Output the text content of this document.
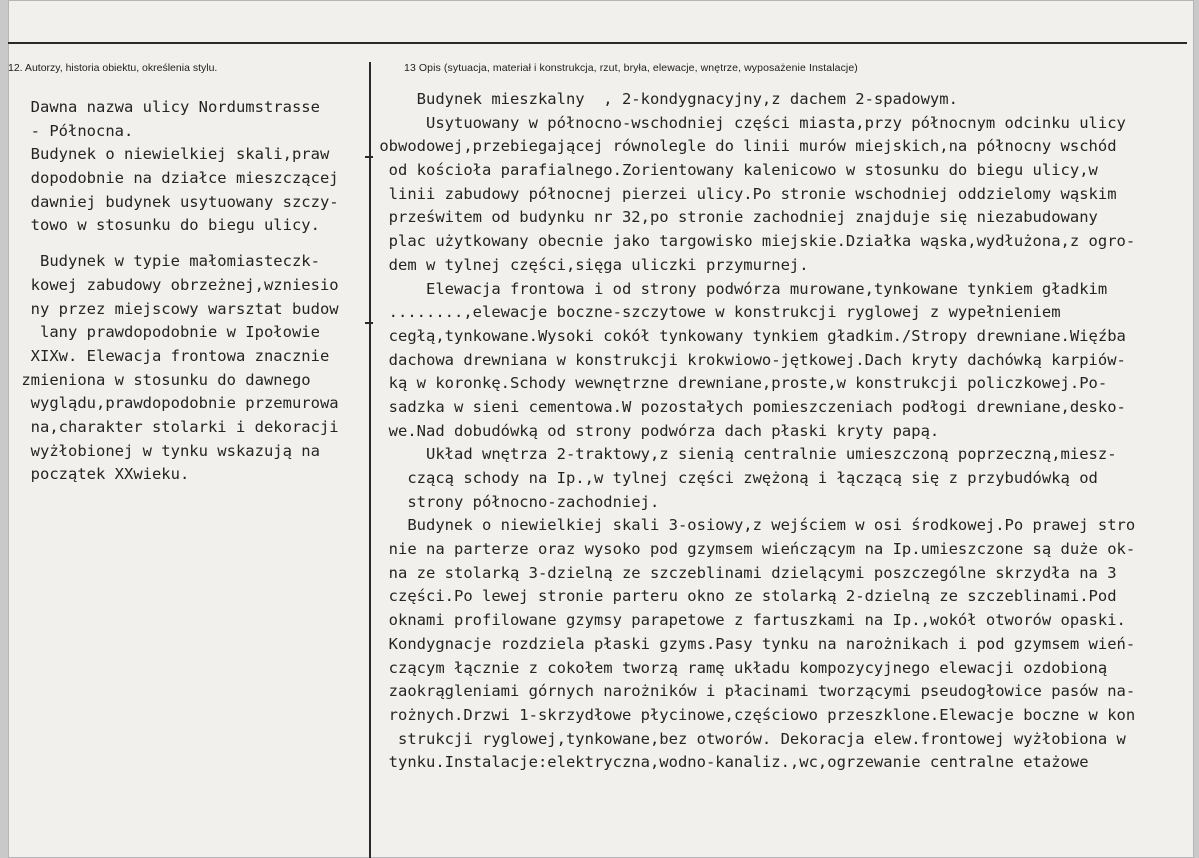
12. Autorzy, historia obiektu, określenia stylu.	13 Opis (sytuacja, materiał i konstrukcja, rzut, bryła, elewacje, wnętrze, wyposażenie Instalacje)
Dawna nazwa ulicy Nordumstrasse
- Północna.
Budynek o niewielkiej skali,praw
dopodobnie na działce mieszczącej
dawniej budynek usytuowany szczy-
towo w stosunku do biegu ulicy.
Budynek w typie małomiasteczk-
kowej zabudowy obrzeżnej,wzniesio
ny przez miejscowy warsztat budow
lany prawdopodobnie w Ipołowie
XIXw. Elewacja frontowa znacznie
zmieniona w stosunku do dawnego
wyglądu,prawdopodobnie przemurowa
na,charakter stolarki i dekoracji
wyżłobionej w tynku wskazują na
początek XXwieku.
Budynek mieszkalny  , 2-kondygnacyjny,z dachem 2-spadowym.
Usytuowany w północno-wschodniej części miasta,przy północnym odcinku ulicy
obwodowej,przebiegającej równolegle do linii murów miejskich,na północny wschód
od kościoła parafialnego.Zorientowany kalenicowo w stosunku do biegu ulicy,w
linii zabudowy północnej pierzei ulicy.Po stronie wschodniej oddzielomy wąskim
prześwitem od budynku nr 32,po stronie zachodniej znajduje się niezabudowany
plac użytkowany obecnie jako targowisko miejskie.Działka wąska,wydłużona,z ogro-
dem w tylnej części,sięga uliczki przymurnej.
Elewacja frontowa i od strony podwórza murowane,tynkowane tynkiem gładkim
........,elewacje boczne-szczytowe w konstrukcji ryglowej z wypełnieniem
cegłą,tynkowane.Wysoki cokół tynkowany tynkiem gładkim./Stropy drewniane.Więźba
dachowa drewniana w konstrukcji krokwiowo-jętkowej.Dach kryty dachówką karpiów-
ką w koronkę.Schody wewnętrzne drewniane,proste,w konstrukcji policzkowej.Po-
sadzka w sieni cementowa.W pozostałych pomieszczeniach podłogi drewniane,desko-
we.Nad dobudówką od strony podwórza dach płaski kryty papą.
Układ wnętrza 2-traktowy,z sienią centralnie umieszczoną poprzeczną,miesz-
czącą schody na Ip.,w tylnej części zwężoną i łączącą się z przybudówką od
strony północno-zachodniej.
Budynek o niewielkiej skali 3-osiowy,z wejściem w osi środkowej.Po prawej stro
nie na parterze oraz wysoko pod gzymsem wieńczącym na Ip.umieszczone są duże ok-
na ze stolarką 3-dzielną ze szczeblinami dzielącymi poszczególne skrzydła na 3
części.Po lewej stronie parteru okno ze stolarką 2-dzielną ze szczeblinami.Pod
oknami profilowane gzymsy parapetowe z fartuszkami na Ip.,wokół otworów opaski.
Kondygnacje rozdziela płaski gzyms.Pasy tynku na narożnikach i pod gzymsem wień-
czącym łącznie z cokołem tworzą ramę układu kompozycyjnego elewacji ozdobioną
zaokrągleniami górnych narożników i płacinami tworzącymi pseudogłowice pasów na-
rożnych.Drzwi 1-skrzydłowe płycinowe,częściowo przeszklone.Elewacje boczne w kon
strukcji ryglowej,tynkowane,bez otworów. Dekoracja elew.frontowej wyżłobiona w
tynku.Instalacje:elektryczna,wodno-kanaliz.,wc,ogrzewanie centralne etażowe
